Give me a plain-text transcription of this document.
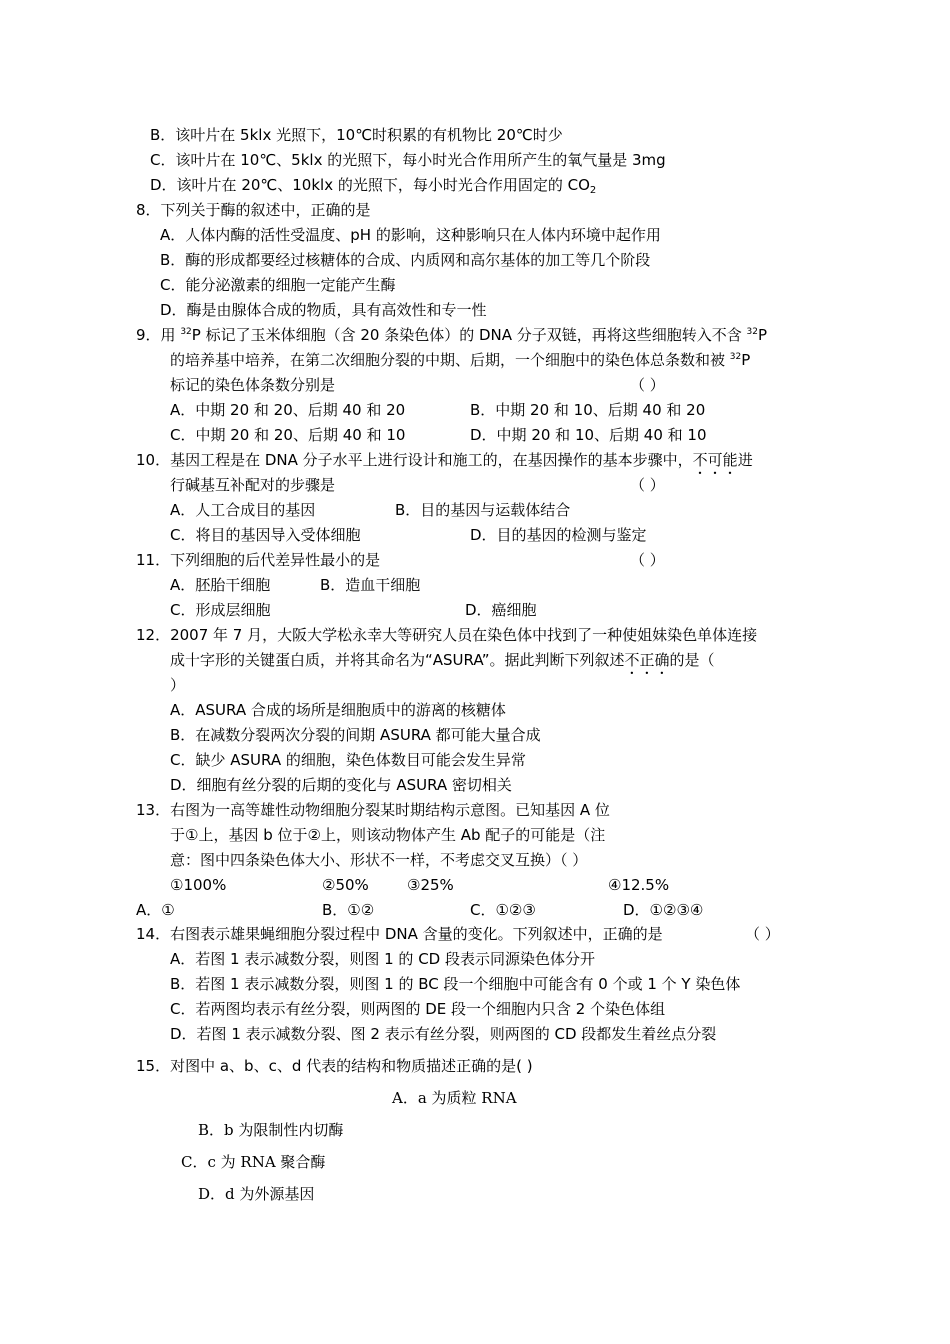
B．该叶片在 5klx 光照下，10℃时积累的有机物比 20℃时少
C．该叶片在 10℃、5klx 的光照下，每小时光合作用所产生的氧气量是 3mg
D．该叶片在 20℃、10klx 的光照下，每小时光合作用固定的 $CO_2$
8．下列关于酶的叙述中，正确的是
A．人体内酶的活性受温度、pH 的影响，这种影响只在人体内环境中起作用
B．酶的形成都要经过核糖体的合成、内质网和高尔基体的加工等几个阶段
C．能分泌激素的细胞一定能产生酶
D．酶是由腺体合成的物质，具有高效性和专一性
9．用 $^{32}$P 标记了玉米体细胞（含 20 条染色体）的 DNA 分子双链，再将这些细胞转入不含 $^{32}$P
的培养基中培养，在第二次细胞分裂的中期、后期，一个细胞中的染色体总条数和被 $^{32}$P
标记的染色体条数分别是	（ ）
A．中期 20 和 20、后期 40 和 20	B．中期 20 和 10、后期 40 和 20
C．中期 20 和 20、后期 40 和 10	D．中期 20 和 10、后期 40 和 10
10．基因工程是在 DNA 分子水平上进行设计和施工的，在基因操作的基本步骤中，不可能进
行碱基互补配对的步骤是	（ ）
A．人工合成目的基因	B．目的基因与运载体结合
C．将目的基因导入受体细胞	D．目的基因的检测与鉴定
11．下列细胞的后代差异性最小的是	（ ）
A．胚胎干细胞	B．造血干细胞
C．形成层细胞	D．癌细胞
12．2007 年 7 月，大阪大学松永幸大等研究人员在染色体中找到了一种使姐妹染色单体连接
成十字形的关键蛋白质，并将其命名为“ASURA”。据此判断下列叙述不正确的是（
）
A．ASURA 合成的场所是细胞质中的游离的核糖体
B．在减数分裂两次分裂的间期 ASURA 都可能大量合成
C．缺少 ASURA 的细胞，染色体数目可能会发生异常
D．细胞有丝分裂的后期的变化与 ASURA 密切相关
13．右图为一高等雄性动物细胞分裂某时期结构示意图。已知基因 A 位
于①上，基因 b 位于②上，则该动物体产生 Ab 配子的可能是（注
意：图中四条染色体大小、形状不一样，不考虑交叉互换）（ ）
①100%	②50%	③25%	④12.5%
A．①	B．①②	C．①②③	D．①②③④
14．右图表示雄果蝇细胞分裂过程中 DNA 含量的变化。下列叙述中，正确的是	（ ）
A．若图 1 表示减数分裂，则图 1 的 CD 段表示同源染色体分开
B．若图 1 表示减数分裂，则图 1 的 BC 段一个细胞中可能含有 0 个或 1 个 Y 染色体
C．若两图均表示有丝分裂，则两图的 DE 段一个细胞内只含 2 个染色体组
D．若图 1 表示减数分裂、图 2 表示有丝分裂，则两图的 CD 段都发生着丝点分裂
15．对图中 a、b、c、d 代表的结构和物质描述正确的是( )
A．a 为质粒 RNA
B．b 为限制性内切酶
C．c 为 RNA 聚合酶
D．d 为外源基因
